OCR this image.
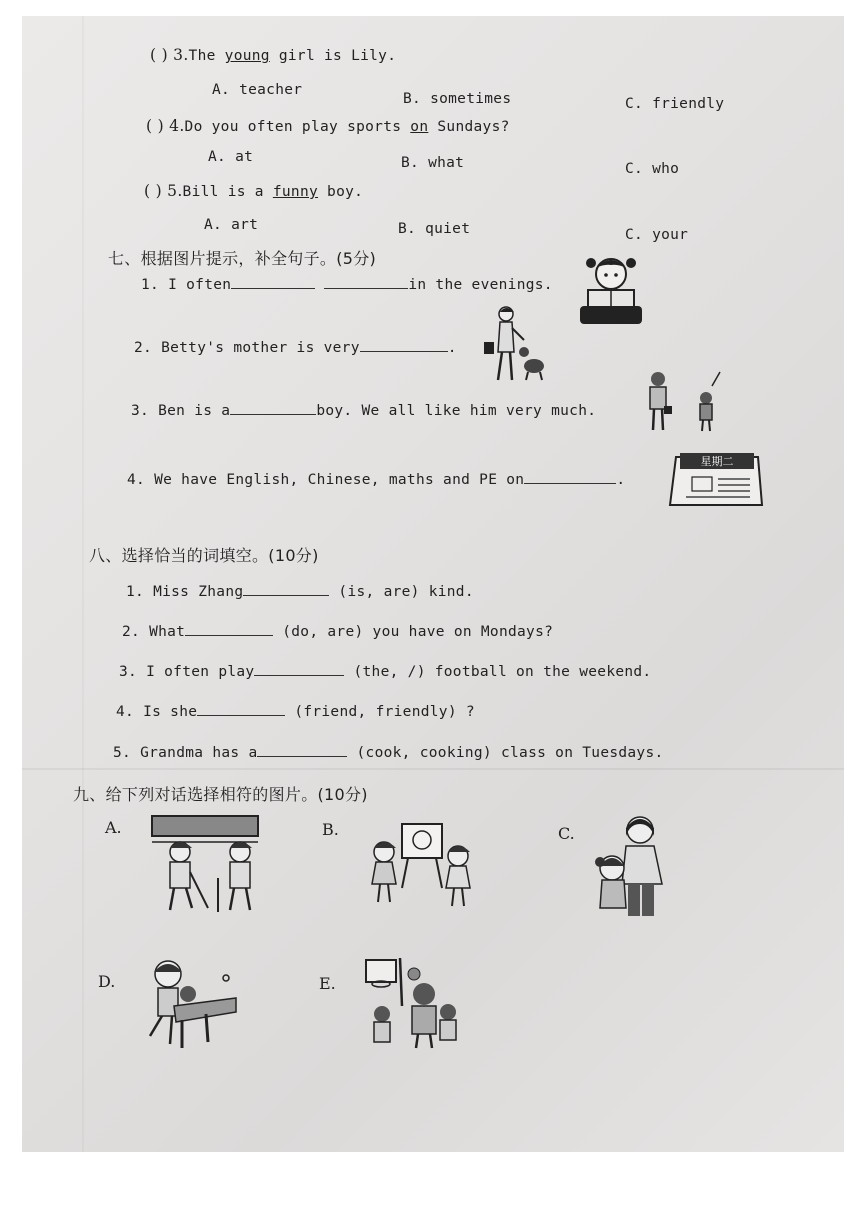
( ) 3.The young girl is Lily.
A. teacher
B. sometimes	C. friendly
( ) 4.Do you often play sports on Sundays?
A. at	B. what	C. who
( ) 5.Bill is a funny boy.
A. art	B. quiet	C. your
七、根据图片提示，补全句子。(5分)
1. I often	in the evenings.
2. Betty's mother is very	.
3. Ben is a	boy. We all like him very much.
4. We have English, Chinese, maths and PE on	.
星期二
八、选择恰当的词填空。(10分)
1. Miss Zhang	(is, are) kind.
2. What	(do, are) you have on Mondays?
3. I often play	(the, /) football on the weekend.
4. Is she	(friend, friendly) ?
5. Grandma has a	(cook, cooking) class on Tuesdays.
九、给下列对话选择相符的图片。(10分)
A.	B.	C.
D.	E.
